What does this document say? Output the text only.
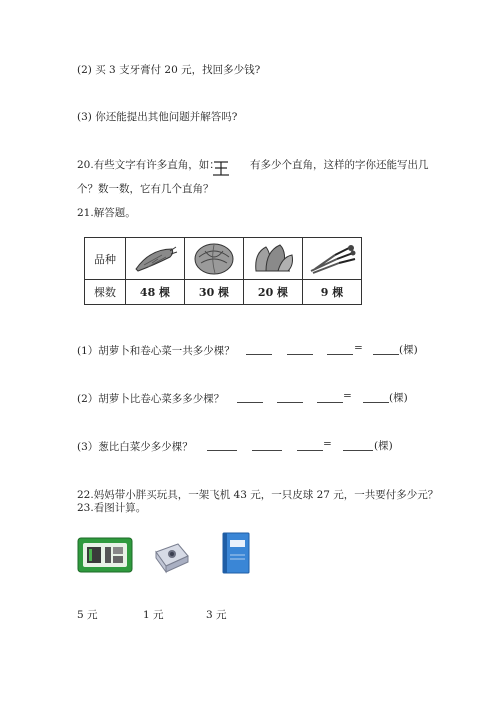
(2) 买 3 支牙膏付 20 元，找回多少钱?
(3) 你还能提出其他问题并解答吗?
20.有些文字有许多直角，如：	有多少个直角，这样的字你还能写出几
个？数一数，它有几个直角？
21.解答题。
品种	

棵数	48 棵	30 棵	20 棵	9 棵
(1）胡萝卜和卷心菜一共多少棵？	=	(棵)
(2）胡萝卜比卷心菜多多少棵？	=	(棵)
(3）葱比白菜少多少棵？	=	(棵)
22.妈妈带小胖买玩具，一架飞机 43 元，一只皮球 27 元，一共要付多少元？
23.看图计算。
5 元	1 元	3 元
